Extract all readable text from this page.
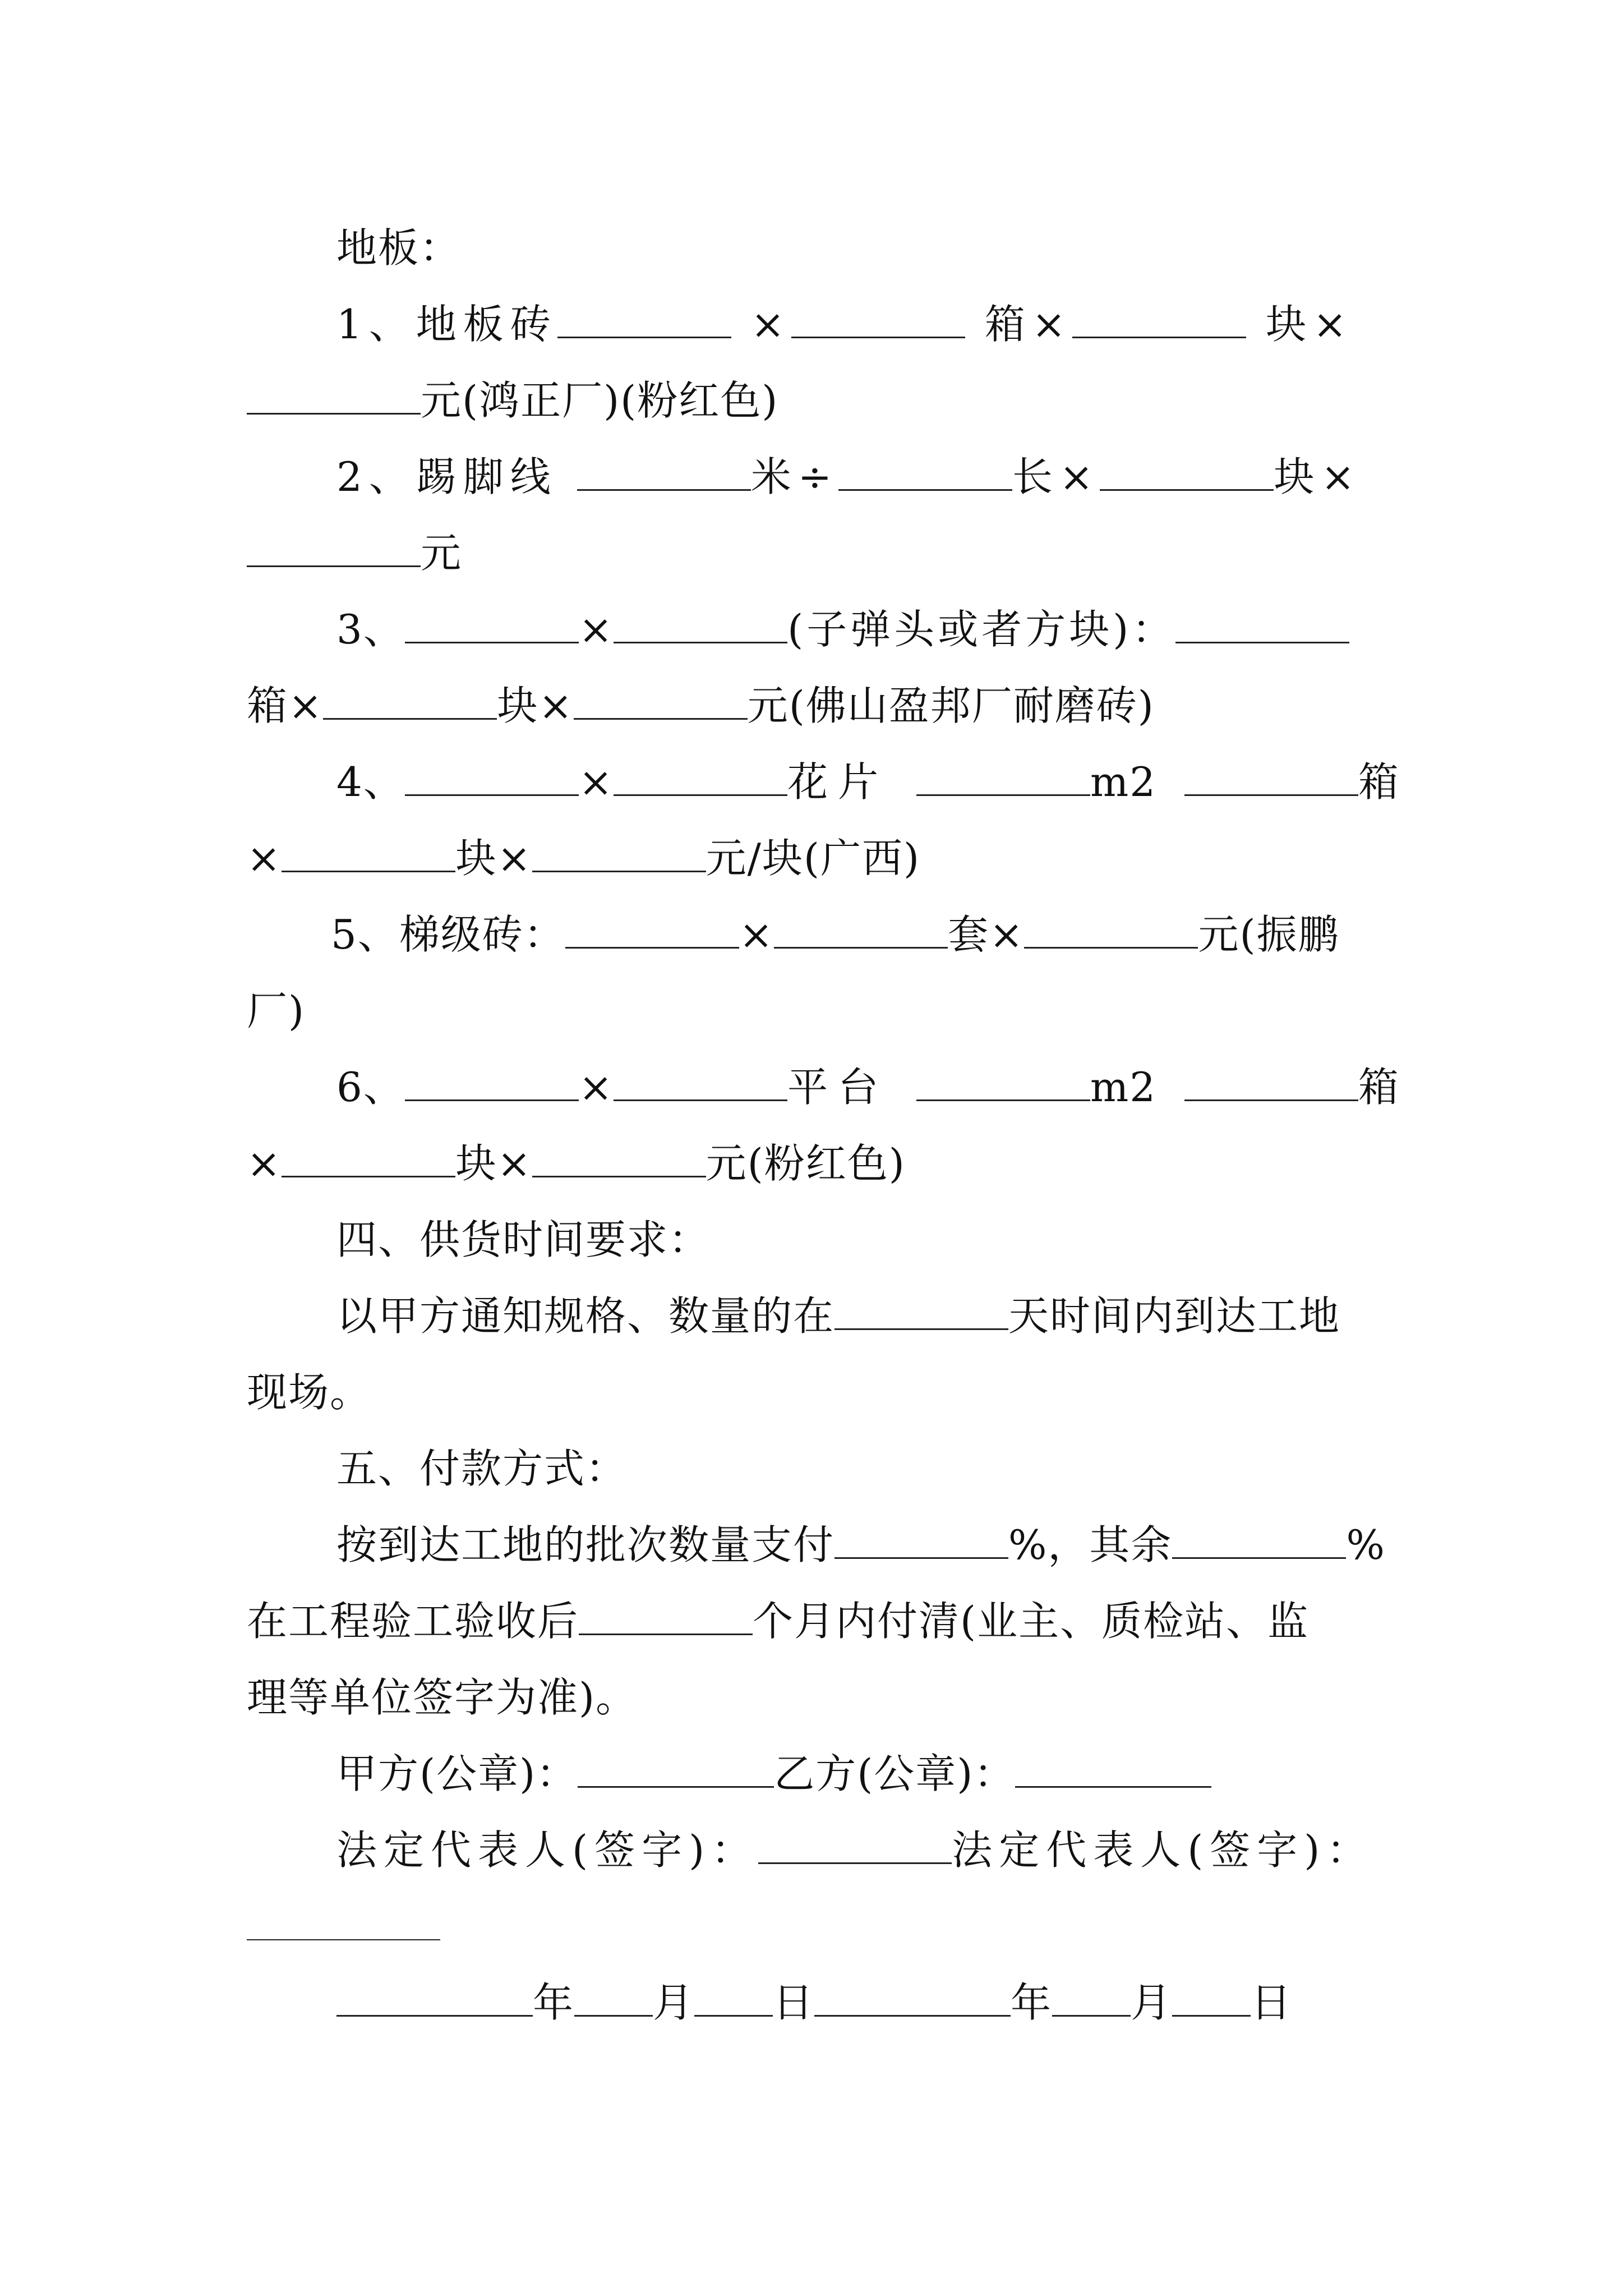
地板：
1、地板砖	×	箱×	块×
元(鸿正厂)(粉红色)
2、踢脚线	米÷	长×	块×
元
3、	×	(子弹头或者方块)：
箱×	块×	元(佛山盈邦厂耐磨砖)
4、	×	花片	m2	箱
×	块×	元/块(广西)
5、梯级砖：	×	套×	元(振鹏
厂)
6、	×	平台	m2	箱
×	块×	元(粉红色)
四、供货时间要求：
以甲方通知规格、数量的在	天时间内到达工地
现场。
五、付款方式：
按到达工地的批次数量支付	%，其余	%
在工程验工验收后	个月内付清(业主、质检站、监
理等单位签字为准)。
甲方(公章)：	乙方(公章)：
法定代表人(签字)：	法定代表人(签字)：
年 月 日	年 月 日
